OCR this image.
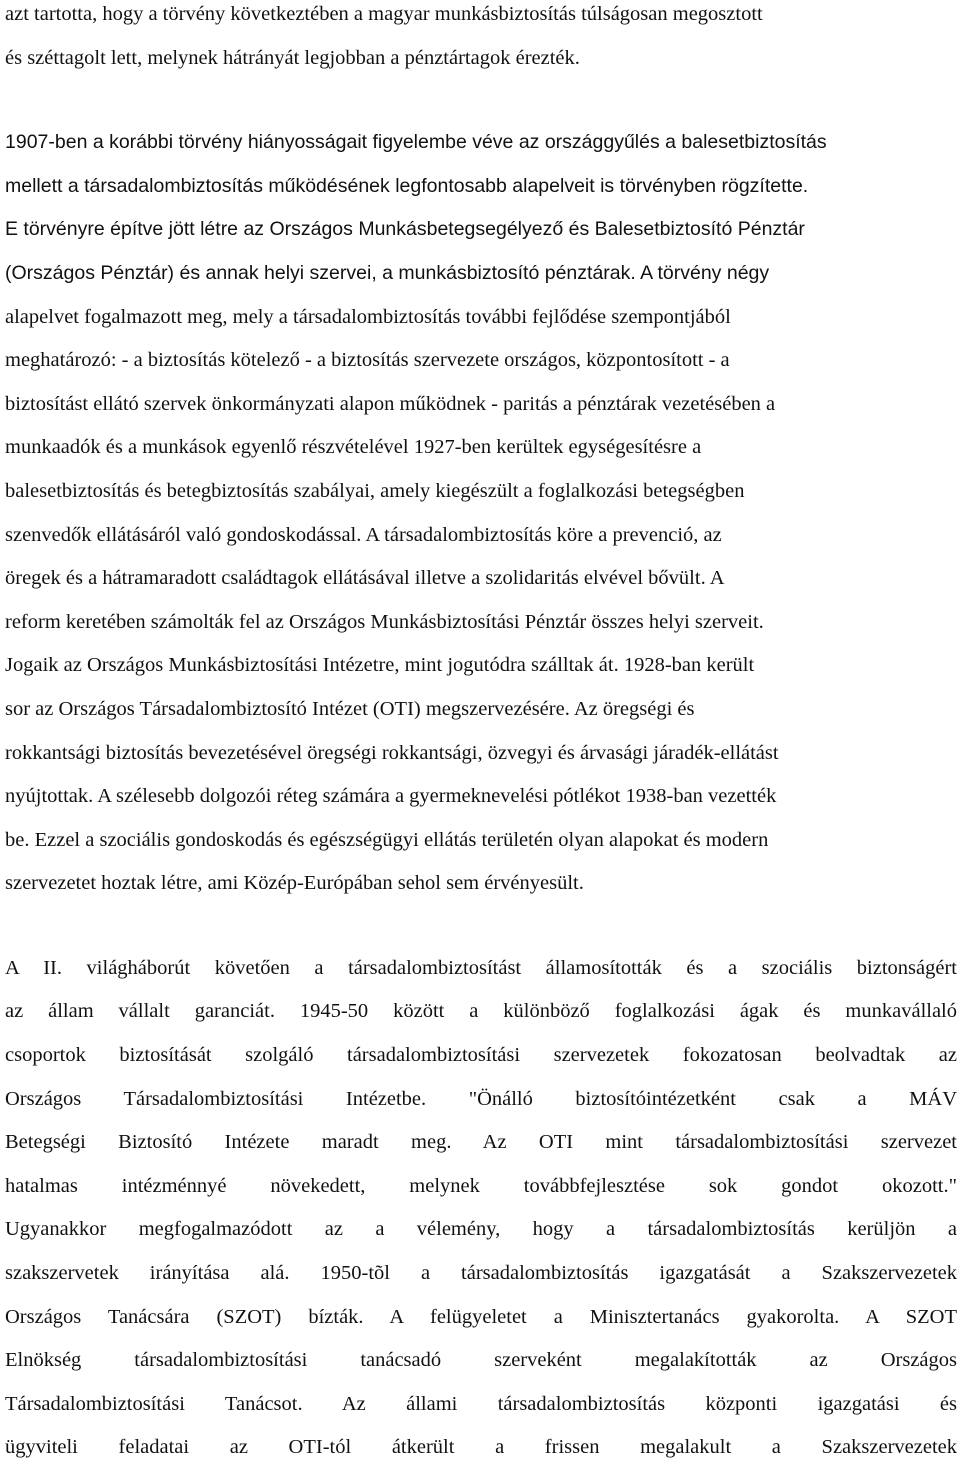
azt tartotta, hogy a törvény következtében a magyar munkásbiztosítás túlságosan megosztott
és széttagolt lett, melynek hátrányát legjobban a pénztártagok érezték.

1907-ben a korábbi törvény hiányosságait figyelembe véve az országgyűlés a balesetbiztosítás
mellett a társadalombiztosítás működésének legfontosabb alapelveit is törvényben rögzítette.
E törvényre építve jött létre az Országos Munkásbetegsegélyező és Balesetbiztosító Pénztár
(Országos Pénztár) és annak helyi szervei, a munkásbiztosító pénztárak. A törvény négy
alapelvet fogalmazott meg, mely a társadalombiztosítás további fejlődése szempontjából
meghatározó: - a biztosítás kötelező - a biztosítás szervezete országos, központosított - a
biztosítást ellátó szervek önkormányzati alapon működnek - paritás a pénztárak vezetésében a
munkaadók és a munkások egyenlő részvételével 1927-ben kerültek egységesítésre a
balesetbiztosítás és betegbiztosítás szabályai, amely kiegészült a foglalkozási betegségben
szenvedők ellátásáról való gondoskodással. A társadalombiztosítás köre a prevenció, az
öregek és a hátramaradott családtagok ellátásával illetve a szolidaritás elvével bővült. A
reform keretében számolták fel az Országos Munkásbiztosítási Pénztár összes helyi szerveit.
Jogaik az Országos Munkásbiztosítási Intézetre, mint jogutódra szálltak át. 1928-ban került
sor az Országos Társadalombiztosító Intézet (OTI) megszervezésére. Az öregségi és
rokkantsági biztosítás bevezetésével öregségi rokkantsági, özvegyi és árvasági járadék-ellátást
nyújtottak. A szélesebb dolgozói réteg számára a gyermeknevelési pótlékot 1938-ban vezették
be. Ezzel a szociális gondoskodás és egészségügyi ellátás területén olyan alapokat és modern
szervezetet hoztak létre, ami Közép-Európában sehol sem érvényesült.

A II. világháborút követően a társadalombiztosítást államosították és a szociális biztonságért
az állam vállalt garanciát. 1945-50 között a különböző foglalkozási ágak és munkavállaló
csoportok biztosítását szolgáló társadalombiztosítási szervezetek fokozatosan beolvadtak az
Országos Társadalombiztosítási Intézetbe. "Önálló biztosítóintézetként csak a MÁV
Betegségi Biztosító Intézete maradt meg. Az OTI mint társadalombiztosítási szervezet
hatalmas intézménnyé növekedett, melynek továbbfejlesztése sok gondot okozott."
Ugyanakkor megfogalmazódott az a vélemény, hogy a társadalombiztosítás kerüljön a
szakszervetek irányítása alá. 1950-tõl a társadalombiztosítás igazgatását a Szakszervezetek
Országos Tanácsára (SZOT) bízták. A felügyeletet a Minisztertanács gyakorolta. A SZOT
Elnökség társadalombiztosítási tanácsadó szerveként megalakították az Országos
Társadalombiztosítási Tanácsot. Az állami társadalombiztosítás központi igazgatási és
ügyviteli feladatai az OTI-tól átkerült a frissen megalakult a Szakszervezetek
